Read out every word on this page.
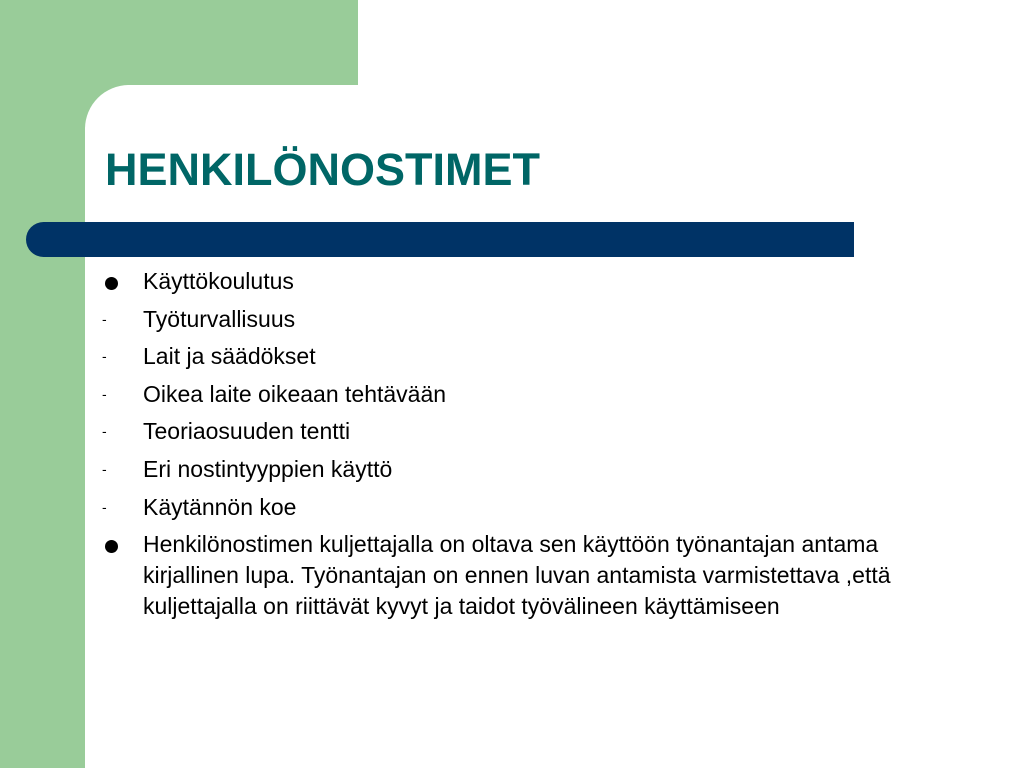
HENKILÖNOSTIMET
Käyttökoulutus
- Työturvallisuus
- Lait ja säädökset
- Oikea laite oikeaan tehtävään
- Teoriaosuuden tentti
- Eri nostintyyppien käyttö
- Käytännön koe
Henkilönostimen kuljettajalla on oltava sen käyttöön työnantajan antama kirjallinen lupa. Työnantajan on ennen luvan antamista varmistettava ,että kuljettajalla on riittävät kyvyt ja taidot työvälineen käyttämiseen
